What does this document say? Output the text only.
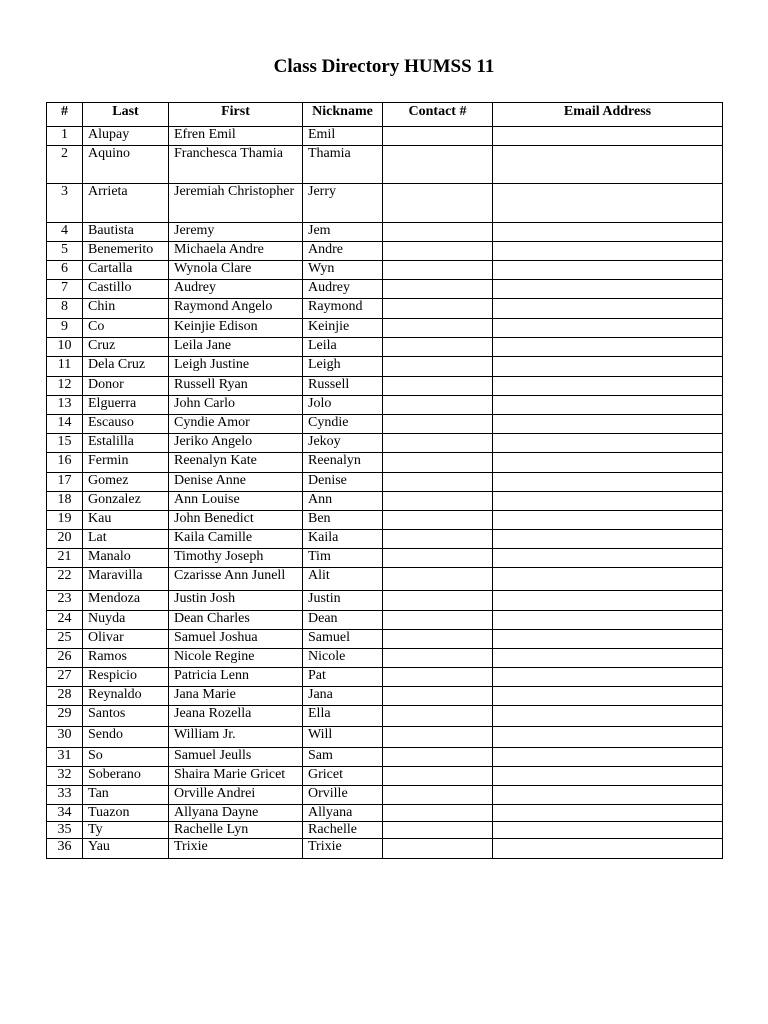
Class Directory HUMSS 11
#	Last	First	Nickname	Contact #	Email Address
1	Alupay	Efren Emil	Emil		
2	Aquino	Franchesca Thamia	Thamia		
3	Arrieta	Jeremiah Christopher	Jerry		
4	Bautista	Jeremy	Jem		
5	Benemerito	Michaela Andre	Andre		
6	Cartalla	Wynola Clare	Wyn		
7	Castillo	Audrey	Audrey		
8	Chin	Raymond Angelo	Raymond		
9	Co	Keinjie Edison	Keinjie		
10	Cruz	Leila Jane	Leila		
11	Dela Cruz	Leigh Justine	Leigh		
12	Donor	Russell Ryan	Russell		
13	Elguerra	John Carlo	Jolo		
14	Escauso	Cyndie Amor	Cyndie		
15	Estalilla	Jeriko Angelo	Jekoy		
16	Fermin	Reenalyn Kate	Reenalyn		
17	Gomez	Denise Anne	Denise		
18	Gonzalez	Ann Louise	Ann		
19	Kau	John Benedict	Ben		
20	Lat	Kaila Camille	Kaila		
21	Manalo	Timothy Joseph	Tim		
22	Maravilla	Czarisse Ann Junell	Alit		
23	Mendoza	Justin Josh	Justin		
24	Nuyda	Dean Charles	Dean		
25	Olivar	Samuel Joshua	Samuel		
26	Ramos	Nicole Regine	Nicole		
27	Respicio	Patricia Lenn	Pat		
28	Reynaldo	Jana Marie	Jana		
29	Santos	Jeana Rozella	Ella		
30	Sendo	William Jr.	Will		
31	So	Samuel Jeulls	Sam		
32	Soberano	Shaira Marie Gricet	Gricet		
33	Tan	Orville Andrei	Orville		
34	Tuazon	Allyana Dayne	Allyana		
35	Ty	Rachelle Lyn	Rachelle		
36	Yau	Trixie	Trixie		
